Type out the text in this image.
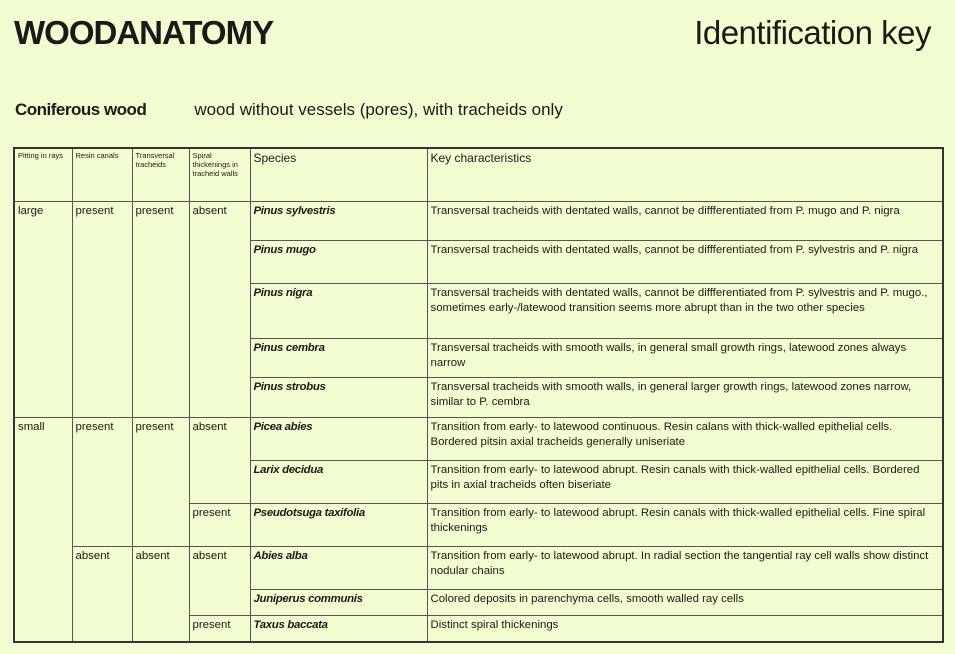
WOODANATOMY	Identification key
Coniferous wood	wood without vessels (pores), with tracheids only
Pitting in rays	Resin canals	Transversal tracheids	Spiral thickenings in tracheid walls	Species	Key characteristics
large	present	present	absent	Pinus sylvestris	Transversal tracheids with dentated walls, cannot be diffferentiated from P. mugo and P. nigra
				Pinus mugo	Transversal tracheids with dentated walls, cannot be diffferentiated from P. sylvestris and P. nigra
				Pinus nigra	Transversal tracheids with dentated walls, cannot be diffferentiated from P. sylvestris and P. mugo., sometimes early-/latewood transition seems more abrupt than in the two other species
				Pinus cembra	Transversal tracheids with smooth walls, in general small growth rings, latewood zones always narrow
				Pinus strobus	Transversal tracheids with smooth walls, in general larger growth rings, latewood zones narrow, similar to P. cembra
small	present	present	absent	Picea abies	Transition from early- to latewood continuous. Resin calans with thick-walled epithelial cells. Bordered pitsin axial tracheids generally uniseriate
				Larix decidua	Transition from early- to latewood abrupt. Resin canals with thick-walled epithelial cells. Bordered pits in axial tracheids often biseriate
			present	Pseudotsuga taxifolia	Transition from early- to latewood abrupt. Resin canals with thick-walled epithelial cells. Fine spiral thickenings
	absent	absent	absent	Abies alba	Transition from early- to latewood abrupt. In radial section the tangential ray cell walls show distinct nodular chains
				Juniperus communis	Colored deposits in parenchyma cells, smooth walled ray cells
			present	Taxus baccata	Distinct spiral thickenings
